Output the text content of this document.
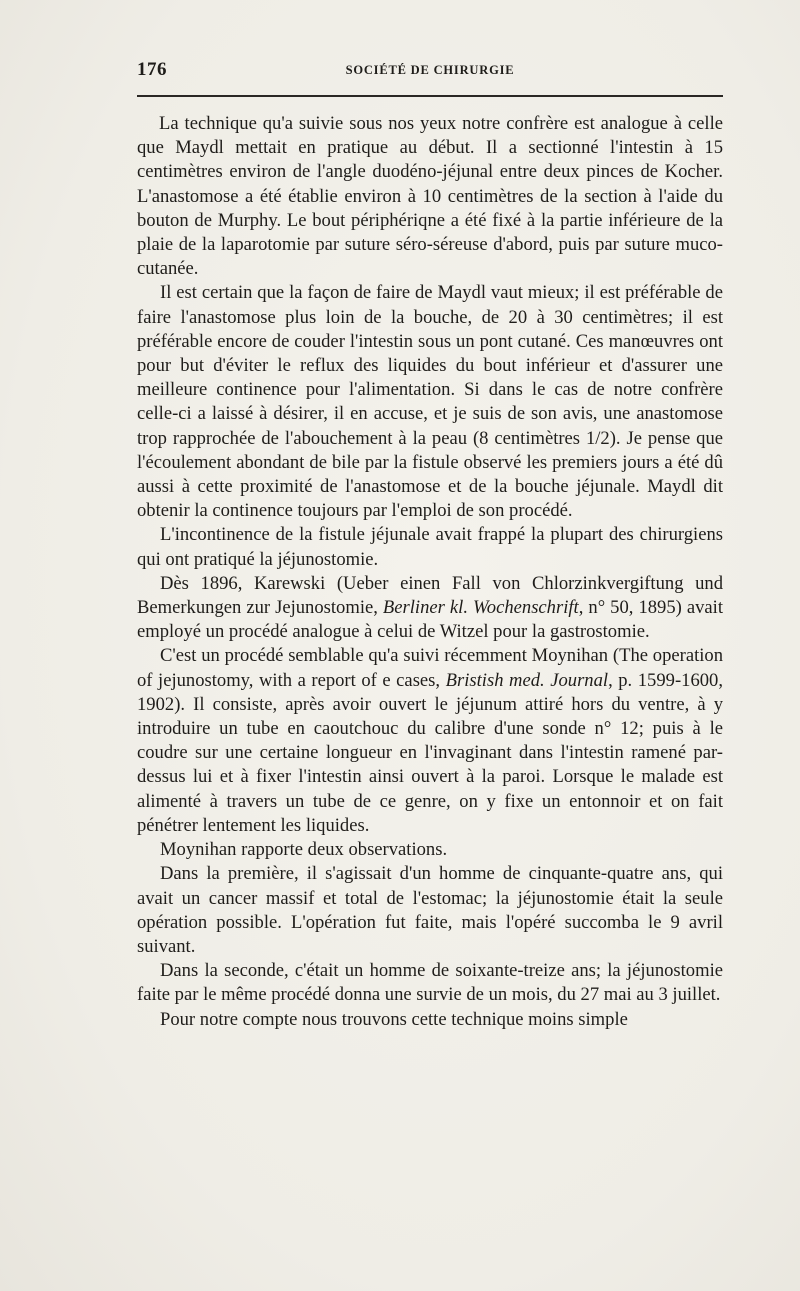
176	SOCIÉTÉ DE CHIRURGIE

La technique qu'a suivie sous nos yeux notre confrère est analogue à celle que Maydl mettait en pratique au début. Il a sectionné l'intestin à 15 centimètres environ de l'angle duodéno-jéjunal entre deux pinces de Kocher. L'anastomose a été établie environ à 10 centimètres de la section à l'aide du bouton de Murphy. Le bout périphériqne a été fixé à la partie inférieure de la plaie de la laparotomie par suture séro-séreuse d'abord, puis par suture muco-cutanée.

Il est certain que la façon de faire de Maydl vaut mieux; il est préférable de faire l'anastomose plus loin de la bouche, de 20 à 30 centimètres; il est préférable encore de couder l'intestin sous un pont cutané. Ces manœuvres ont pour but d'éviter le reflux des liquides du bout inférieur et d'assurer une meilleure continence pour l'alimentation. Si dans le cas de notre confrère celle-ci a laissé à désirer, il en accuse, et je suis de son avis, une anastomose trop rapprochée de l'abouchement à la peau (8 centimètres 1/2). Je pense que l'écoulement abondant de bile par la fistule observé les premiers jours a été dû aussi à cette proximité de l'anastomose et de la bouche jéjunale. Maydl dit obtenir la continence toujours par l'emploi de son procédé.

L'incontinence de la fistule jéjunale avait frappé la plupart des chirurgiens qui ont pratiqué la jéjunostomie.

Dès 1896, Karewski (Ueber einen Fall von Chlorzinkvergiftung und Bemerkungen zur Jejunostomie, Berliner kl. Wochenschrift, n° 50, 1895) avait employé un procédé analogue à celui de Witzel pour la gastrostomie.

C'est un procédé semblable qu'a suivi récemment Moynihan (The operation of jejunostomy, with a report of e cases, Bristish med. Journal, p. 1599-1600, 1902). Il consiste, après avoir ouvert le jéjunum attiré hors du ventre, à y introduire un tube en caoutchouc du calibre d'une sonde n° 12; puis à le coudre sur une certaine longueur en l'invaginant dans l'intestin ramené par-dessus lui et à fixer l'intestin ainsi ouvert à la paroi. Lorsque le malade est alimenté à travers un tube de ce genre, on y fixe un entonnoir et on fait pénétrer lentement les liquides.

Moynihan rapporte deux observations.

Dans la première, il s'agissait d'un homme de cinquante-quatre ans, qui avait un cancer massif et total de l'estomac; la jéjunostomie était la seule opération possible. L'opération fut faite, mais l'opéré succomba le 9 avril suivant.

Dans la seconde, c'était un homme de soixante-treize ans; la jéjunostomie faite par le même procédé donna une survie de un mois, du 27 mai au 3 juillet.

Pour notre compte nous trouvons cette technique moins simple
